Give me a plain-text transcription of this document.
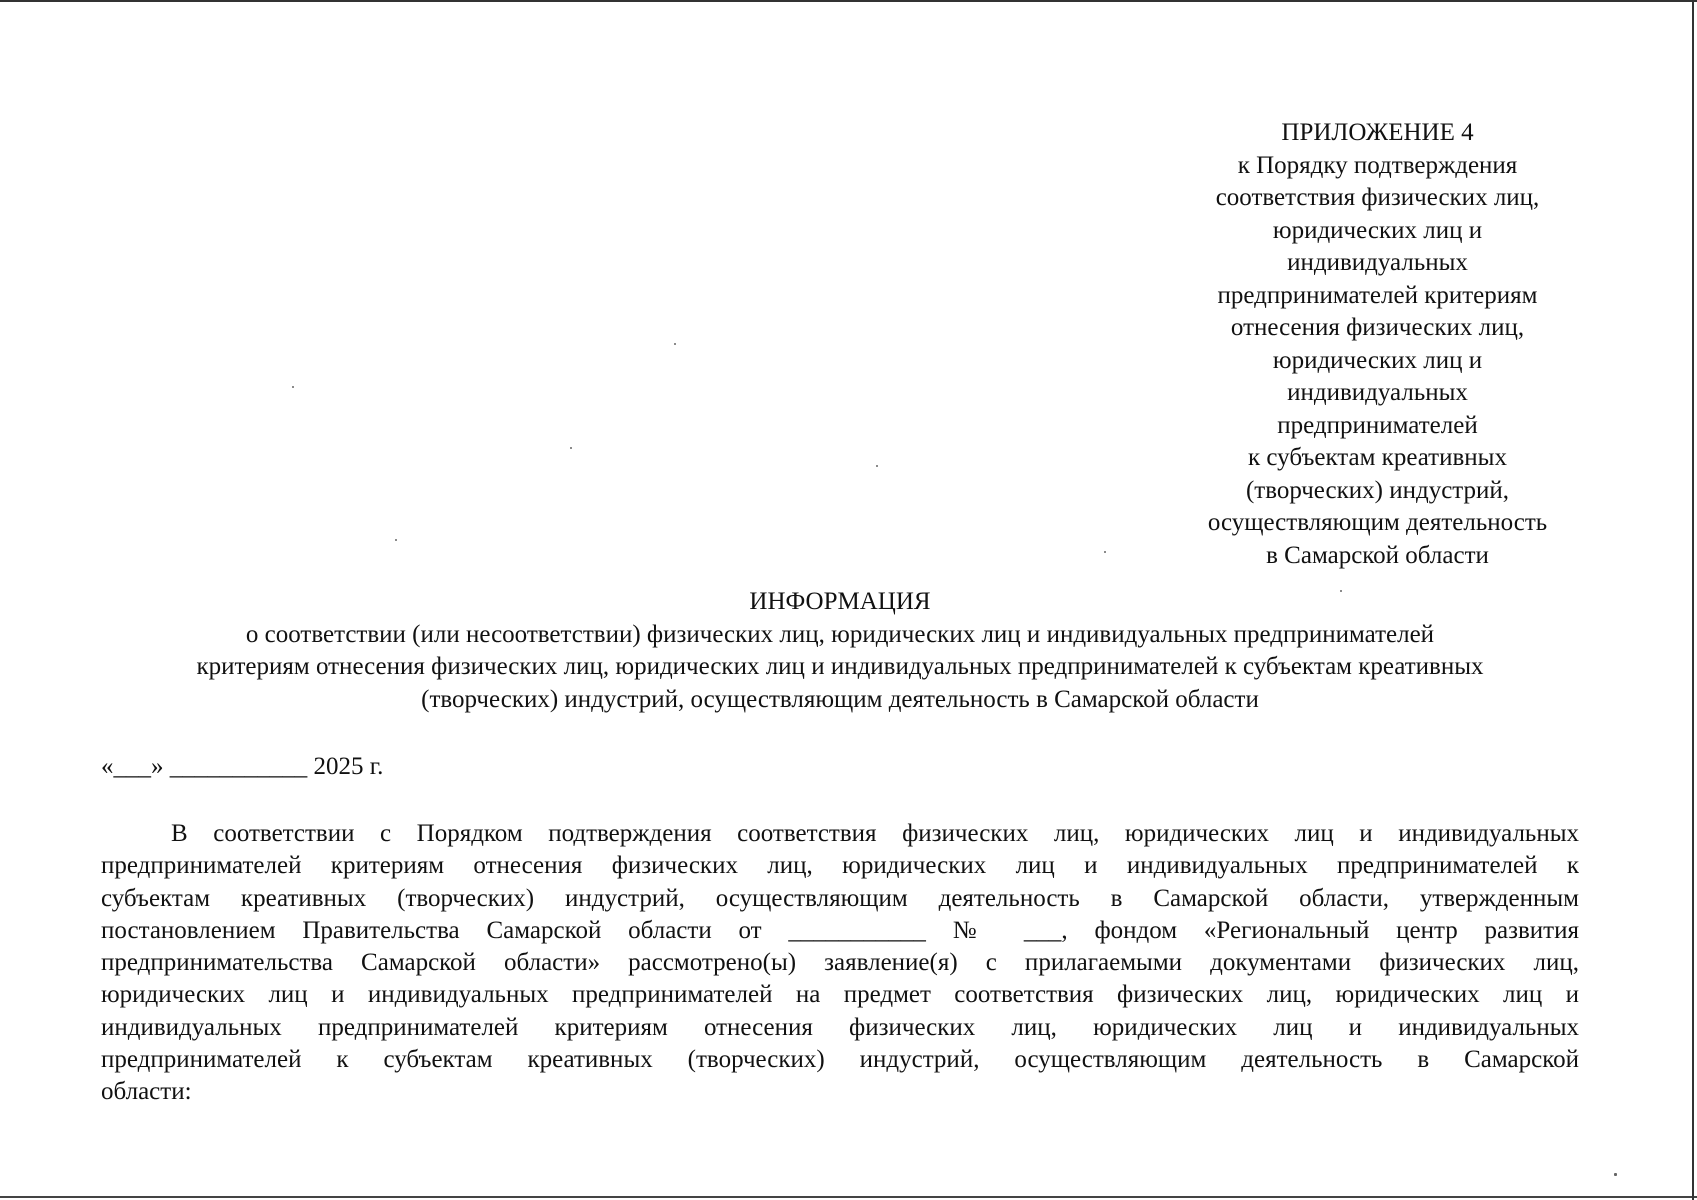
ПРИЛОЖЕНИЕ 4
к Порядку подтверждения
соответствия физических лиц,
юридических лиц и
индивидуальных
предпринимателей критериям
отнесения физических лиц,
юридических лиц и
индивидуальных
предпринимателей
к субъектам креативных
(творческих) индустрий,
осуществляющим деятельность
в Самарской области
ИНФОРМАЦИЯ
о соответствии (или несоответствии) физических лиц, юридических лиц и индивидуальных предпринимателей
критериям отнесения физических лиц, юридических лиц и индивидуальных предпринимателей к субъектам креативных
(творческих) индустрий, осуществляющим деятельность в Самарской области
«___» ___________ 2025 г.
В соответствии с Порядком подтверждения соответствия физических лиц, юридических лиц и индивидуальных
предпринимателей критериям отнесения физических лиц, юридических лиц и индивидуальных предпринимателей к
субъектам креативных (творческих) индустрий, осуществляющим деятельность в Самарской области, утвержденным
постановлением Правительства Самарской области от ___________ № ___, фондом «Региональный центр развития
предпринимательства Самарской области» рассмотрено(ы) заявление(я) с прилагаемыми документами физических лиц,
юридических лиц и индивидуальных предпринимателей на предмет соответствия физических лиц, юридических лиц и
индивидуальных предпринимателей критериям отнесения физических лиц, юридических лиц и индивидуальных
предпринимателей к субъектам креативных (творческих) индустрий, осуществляющим деятельность в Самарской
области:
